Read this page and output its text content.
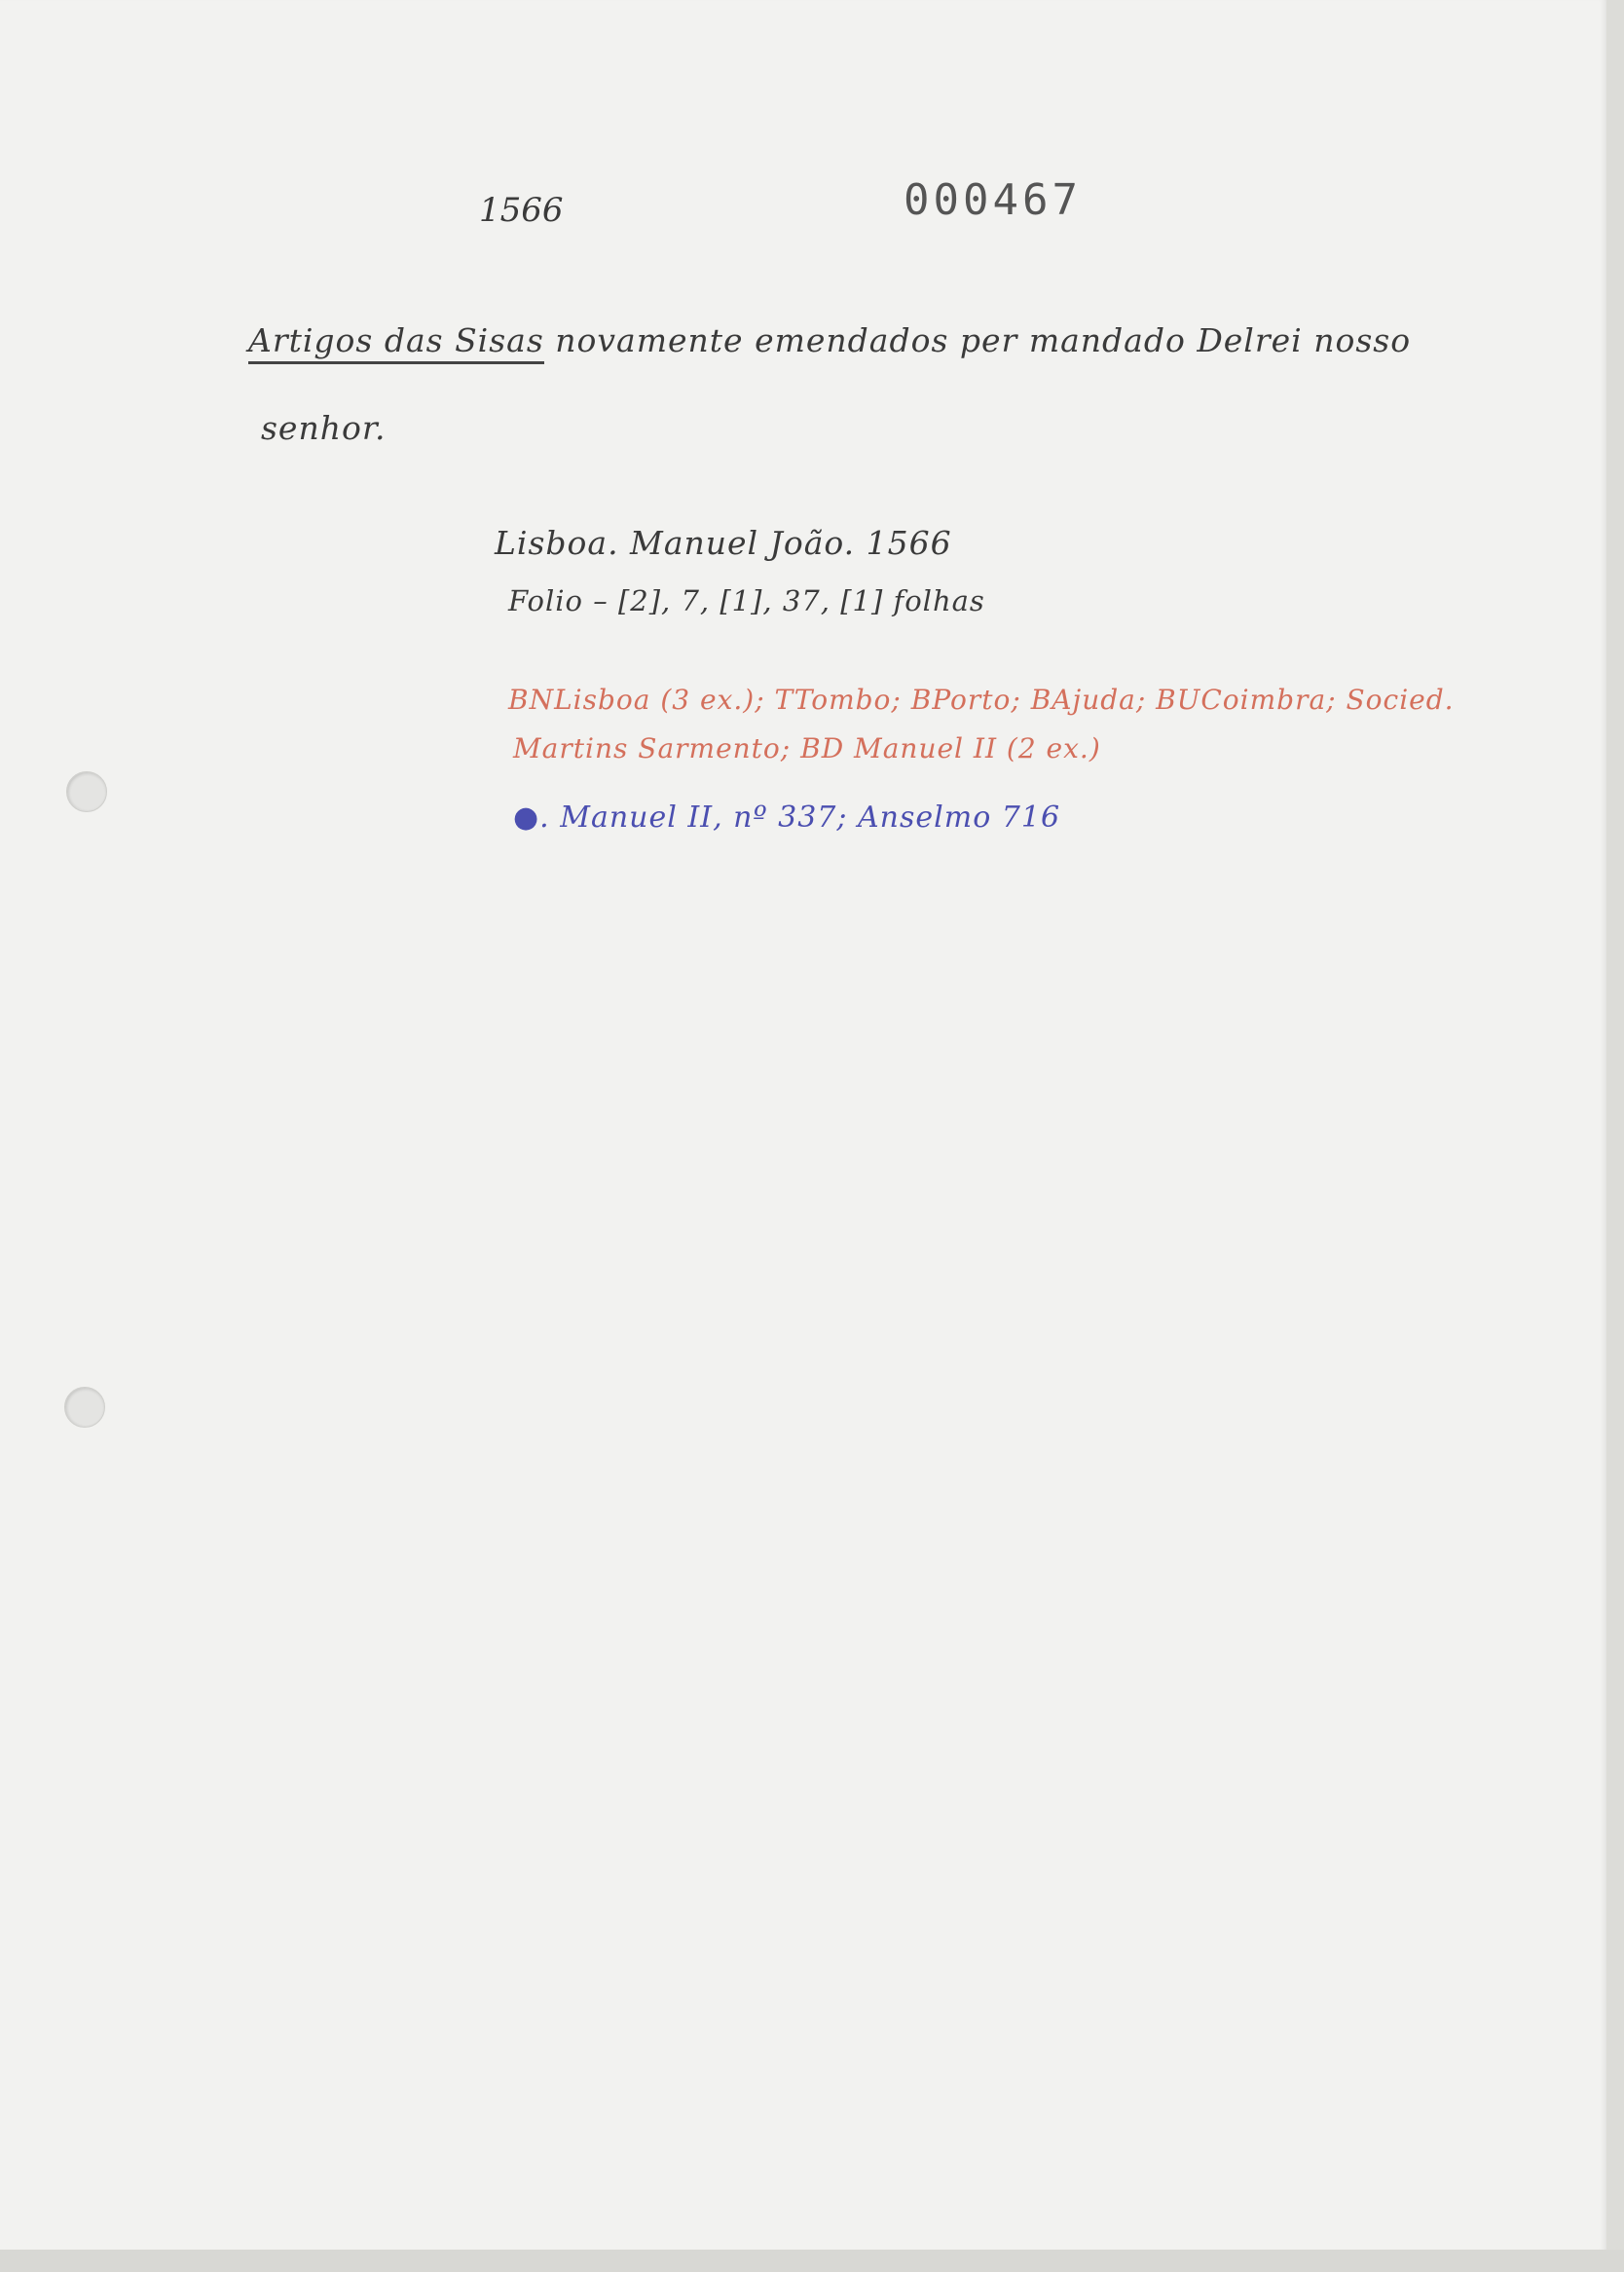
1566	000467
Artigos das Sisas novamente emendados per mandado Delrei nosso
senhor.
Lisboa. Manuel João. 1566
Folio – [2], 7, [1], 37, [1] folhas
BNLisboa (3 ex.); TTombo; BPorto; BAjuda; BUCoimbra; Socied.
Martins Sarmento; BD Manuel II (2 ex.)
●. Manuel II, nº 337; Anselmo 716
